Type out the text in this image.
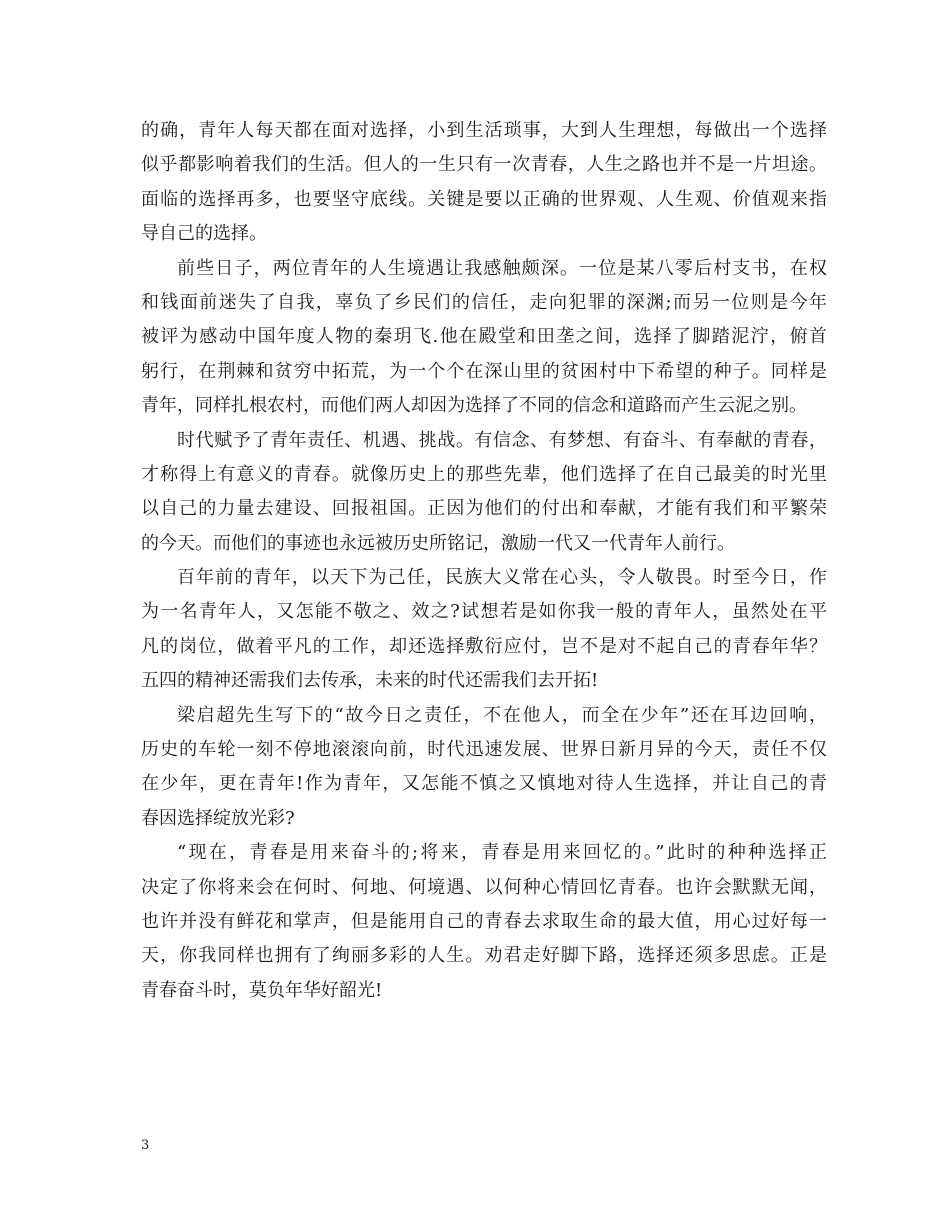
的确，青年人每天都在面对选择，小到生活琐事，大到人生理想，每做出一个选择
似乎都影响着我们的生活。但人的一生只有一次青春，人生之路也并不是一片坦途。
面临的选择再多，也要坚守底线。关键是要以正确的世界观、人生观、价值观来指
导自己的选择。
前些日子，两位青年的人生境遇让我感触颇深。一位是某八零后村支书，在权
和钱面前迷失了自我，辜负了乡民们的信任，走向犯罪的深渊;而另一位则是今年
被评为感动中国年度人物的秦玥飞.他在殿堂和田垄之间，选择了脚踏泥泞，俯首
躬行，在荆棘和贫穷中拓荒，为一个个在深山里的贫困村中下希望的种子。同样是
青年，同样扎根农村，而他们两人却因为选择了不同的信念和道路而产生云泥之别。
时代赋予了青年责任、机遇、挑战。有信念、有梦想、有奋斗、有奉献的青春，
才称得上有意义的青春。就像历史上的那些先辈，他们选择了在自己最美的时光里
以自己的力量去建设、回报祖国。正因为他们的付出和奉献，才能有我们和平繁荣
的今天。而他们的事迹也永远被历史所铭记，激励一代又一代青年人前行。
百年前的青年，以天下为己任，民族大义常在心头，令人敬畏。时至今日，作
为一名青年人，又怎能不敬之、效之?试想若是如你我一般的青年人，虽然处在平
凡的岗位，做着平凡的工作，却还选择敷衍应付，岂不是对不起自己的青春年华？
五四的精神还需我们去传承，未来的时代还需我们去开拓!
梁启超先生写下的“故今日之责任，不在他人，而全在少年”还在耳边回响，
历史的车轮一刻不停地滚滚向前，时代迅速发展、世界日新月异的今天，责任不仅
在少年，更在青年!作为青年，又怎能不慎之又慎地对待人生选择，并让自己的青
春因选择绽放光彩?
“现在，青春是用来奋斗的;将来，青春是用来回忆的。”此时的种种选择正
决定了你将来会在何时、何地、何境遇、以何种心情回忆青春。也许会默默无闻，
也许并没有鲜花和掌声，但是能用自己的青春去求取生命的最大值，用心过好每一
天，你我同样也拥有了绚丽多彩的人生。劝君走好脚下路，选择还须多思虑。正是
青春奋斗时，莫负年华好韶光!
3
